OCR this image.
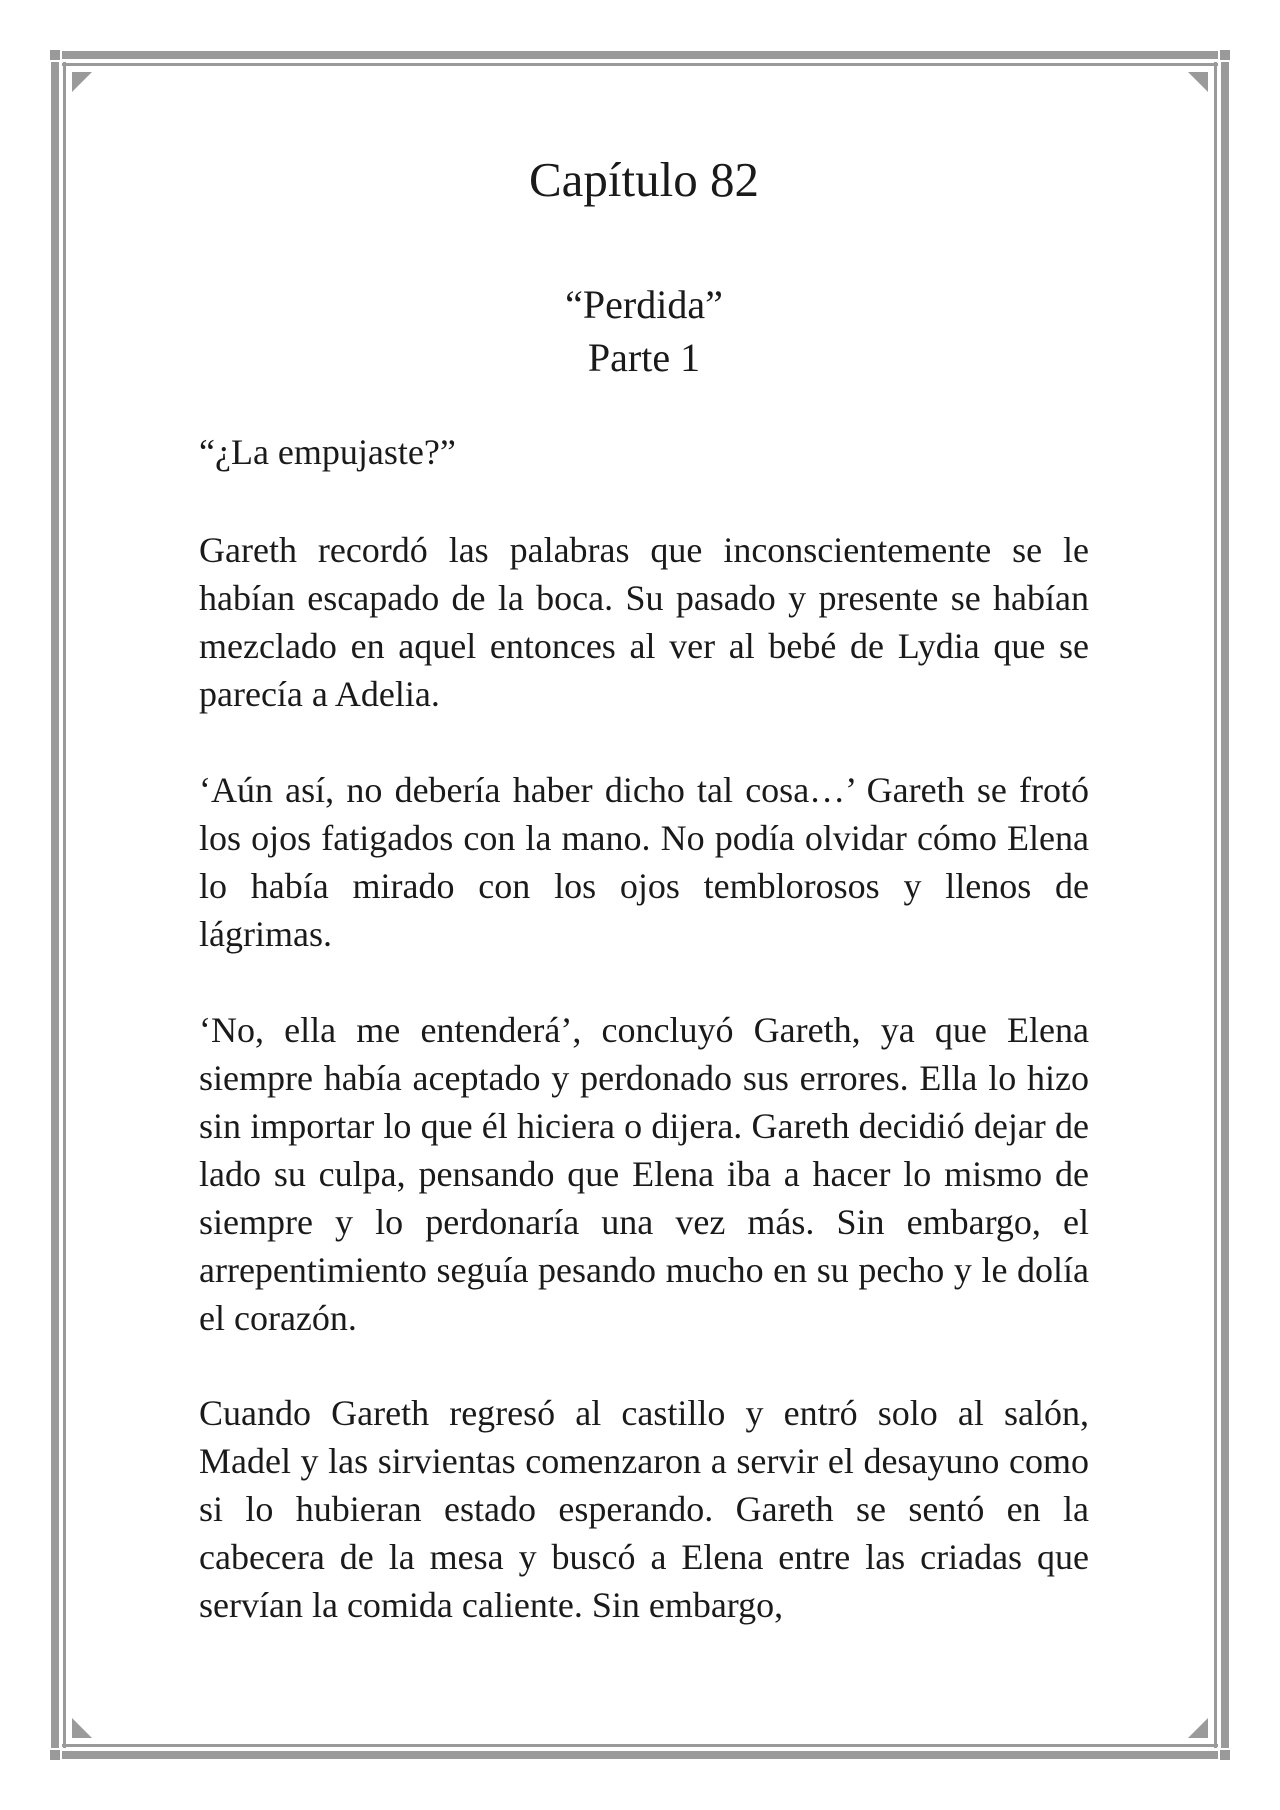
Capítulo 82
“Perdida”
Parte 1

“¿La empujaste?”

Gareth recordó las palabras que inconscientemente se le habían escapado de la boca. Su pasado y presente se habían mezclado en aquel entonces al ver al bebé de Lydia que se parecía a Adelia.

‘Aún así, no debería haber dicho tal cosa…’ Gareth se frotó los ojos fatigados con la mano. No podía olvidar cómo Elena lo había mirado con los ojos temblorosos y llenos de lágrimas.

‘No, ella me entenderá’, concluyó Gareth, ya que Elena siempre había aceptado y perdonado sus errores. Ella lo hizo sin importar lo que él hiciera o dijera. Gareth decidió dejar de lado su culpa, pensando que Elena iba a hacer lo mismo de siempre y lo perdonaría una vez más. Sin embargo, el arrepentimiento seguía pesando mucho en su pecho y le dolía el corazón.

Cuando Gareth regresó al castillo y entró solo al salón, Madel y las sirvientas comenzaron a servir el desayuno como si lo hubieran estado esperando. Gareth se sentó en la cabecera de la mesa y buscó a Elena entre las criadas que servían la comida caliente. Sin embargo,
